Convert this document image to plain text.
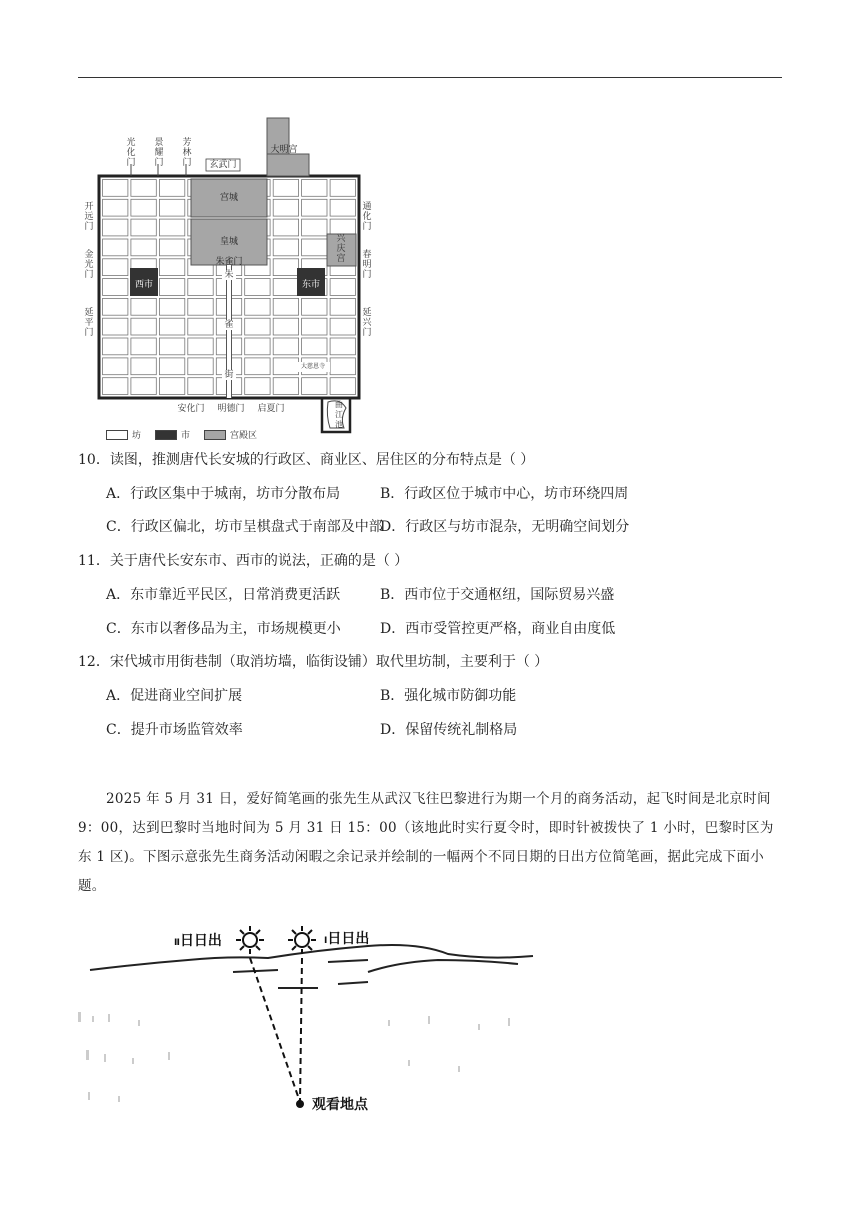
光化门
景耀门
芳林门	玄武门
大明宫
宫城
皇城
朱雀门
西市	东市
兴庆宫
开远门
金光门
延平门
通化门
春明门
延兴门
朱
雀
街
大慈恩寺
曲江池
安化门	明德门	启夏门
坊	市	宫殿区
10．读图，推测唐代长安城的行政区、商业区、居住区的分布特点是（ ）
A．行政区集中于城南，坊市分散布局	B．行政区位于城市中心，坊市环绕四周
C．行政区偏北，坊市呈棋盘式于南部及中部
D．行政区与坊市混杂，无明确空间划分
11．关于唐代长安东市、西市的说法，正确的是（ ）
A．东市靠近平民区，日常消费更活跃	B．西市位于交通枢纽，国际贸易兴盛
C．东市以奢侈品为主，市场规模更小	D．西市受管控更严格，商业自由度低
12．宋代城市用街巷制（取消坊墙，临街设铺）取代里坊制，主要利于（ ）
A．促进商业空间扩展	B．强化城市防御功能
C．提升市场监管效率	D．保留传统礼制格局
2025 年 5 月 31 日，爱好简笔画的张先生从武汉飞往巴黎进行为期一个月的商务活动，起飞时间是北京时间 9：00，达到巴黎时当地时间为 5 月 31 日 15：00（该地此时实行夏令时，即时针被拨快了 1 小时，巴黎时区为东 1 区)。下图示意张先生商务活动闲暇之余记录并绘制的一幅两个不同日期的日出方位简笔画，据此完成下面小题。
Ⅱ日日出	Ⅰ日日出
观看地点
